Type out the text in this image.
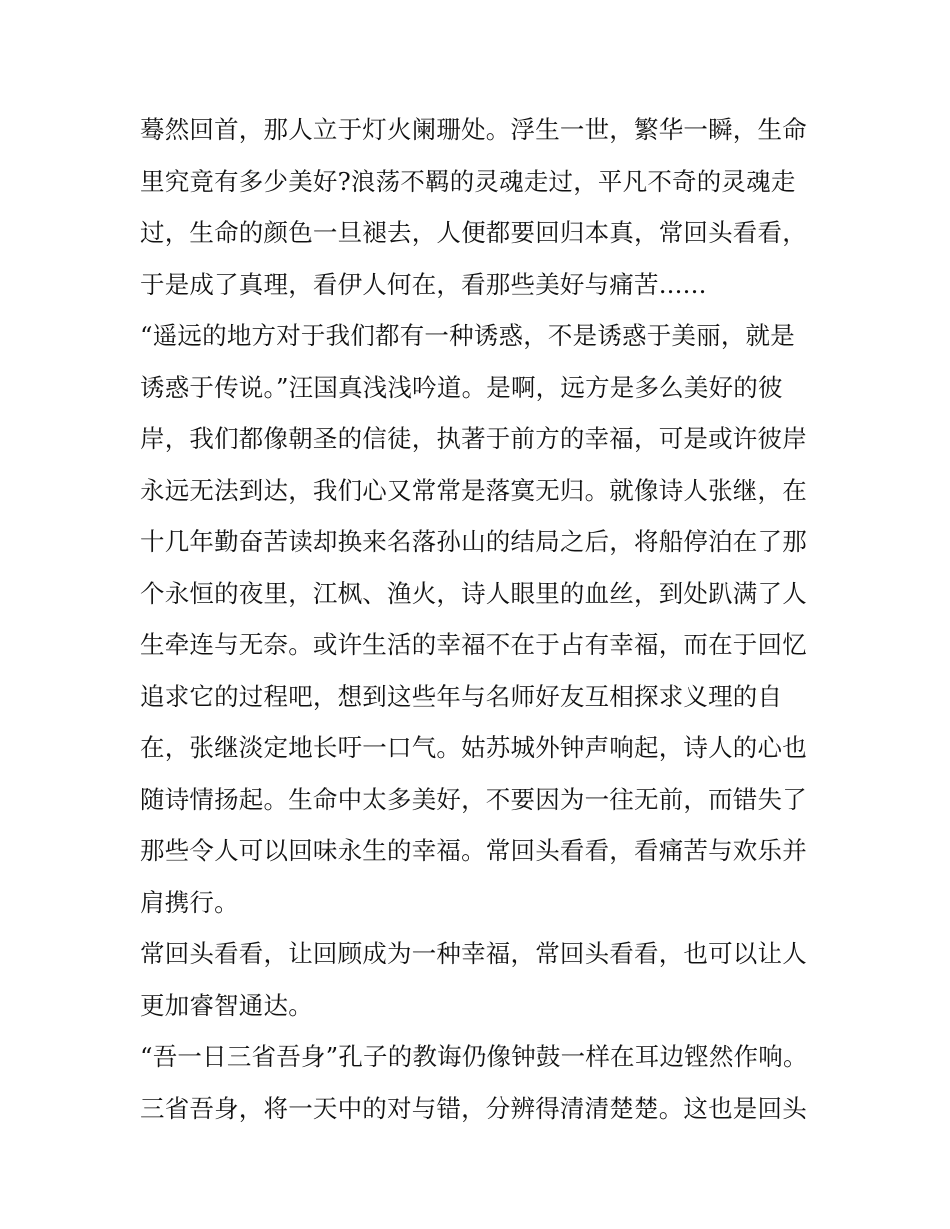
蓦然回首，那人立于灯火阑珊处。浮生一世，繁华一瞬，生命
里究竟有多少美好?浪荡不羁的灵魂走过，平凡不奇的灵魂走
过，生命的颜色一旦褪去，人便都要回归本真，常回头看看，
于是成了真理，看伊人何在，看那些美好与痛苦......
“遥远的地方对于我们都有一种诱惑，不是诱惑于美丽，就是
诱惑于传说。”汪国真浅浅吟道。是啊，远方是多么美好的彼
岸，我们都像朝圣的信徒，执著于前方的幸福，可是或许彼岸
永远无法到达，我们心又常常是落寞无归。就像诗人张继，在
十几年勤奋苦读却换来名落孙山的结局之后，将船停泊在了那
个永恒的夜里，江枫、渔火，诗人眼里的血丝，到处趴满了人
生牵连与无奈。或许生活的幸福不在于占有幸福，而在于回忆
追求它的过程吧，想到这些年与名师好友互相探求义理的自
在，张继淡定地长吁一口气。姑苏城外钟声响起，诗人的心也
随诗情扬起。生命中太多美好，不要因为一往无前，而错失了
那些令人可以回味永生的幸福。常回头看看，看痛苦与欢乐并
肩携行。
常回头看看，让回顾成为一种幸福，常回头看看，也可以让人
更加睿智通达。
“吾一日三省吾身”孔子的教诲仍像钟鼓一样在耳边铿然作响。
三省吾身，将一天中的对与错，分辨得清清楚楚。这也是回头
